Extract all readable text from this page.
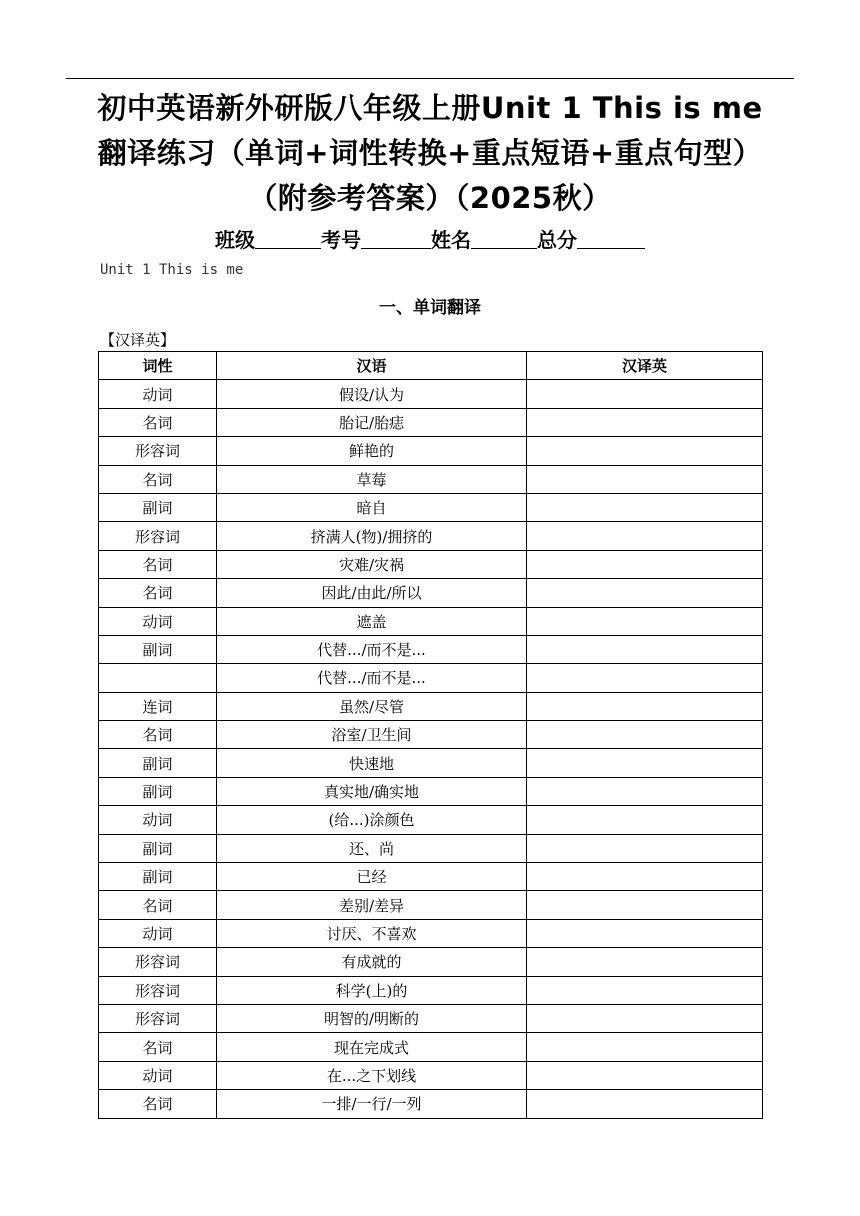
初中英语新外研版八年级上册Unit 1 This is me
翻译练习（单词+词性转换+重点短语+重点句型）
（附参考答案）（2025秋）
班级	考号	姓名	总分
Unit 1 This is me
一、单词翻译
【汉译英】
词性	汉语	汉译英
动词	假设/认为	
名词	胎记/胎痣	
形容词	鲜艳的	
名词	草莓	
副词	暗自	
形容词	挤满人(物)/拥挤的	
名词	灾难/灾祸	
名词	因此/由此/所以	
动词	遮盖	
副词	代替.../而不是...	
	代替.../而不是...	
连词	虽然/尽管	
名词	浴室/卫生间	
副词	快速地	
副词	真实地/确实地	
动词	(给...)涂颜色	
副词	还、尚	
副词	已经	
名词	差别/差异	
动词	讨厌、不喜欢	
形容词	有成就的	
形容词	科学(上)的	
形容词	明智的/明断的	
名词	现在完成式	
动词	在...之下划线	
名词	一排/一行/一列	
